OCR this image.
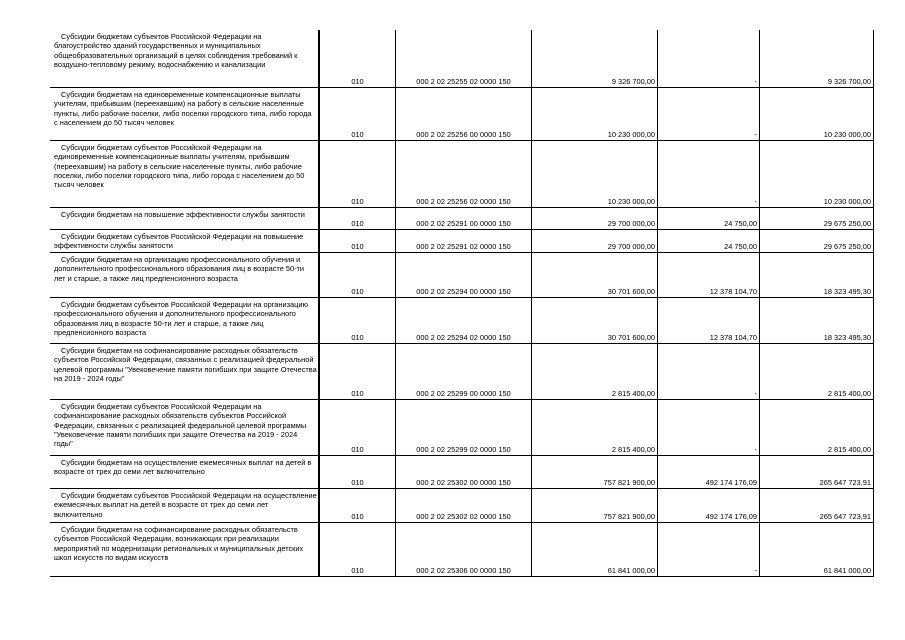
Субсидии бюджетам субъектов Российской Федерации на благоустройство зданий государственных и муниципальных общеобразовательных организаций в целях соблюдения требований к воздушно-тепловому режиму, водоснабжению и канализации
010	000 2 02 25255 02 0000 150	9 326 700,00	-	9 326 700,00
Субсидии бюджетам на единовременные компенсационные выплаты учителям, прибывшим (переехавшим) на работу в сельские населенные пункты, либо рабочие поселки, либо поселки городского типа, либо города с населением до 50 тысяч человек
010	000 2 02 25256 00 0000 150	10 230 000,00	-	10 230 000,00
Субсидии бюджетам субъектов Российской Федерации на единовременные компенсационные выплаты учителям, прибывшим (переехавшим) на работу в сельские населенные пункты, либо рабочие поселки, либо поселки городского типа, либо города с населением до 50 тысяч человек
010	000 2 02 25256 02 0000 150	10 230 000,00	-	10 230 000,00
Субсидии бюджетам на повышение эффективности службы занятости
010	000 2 02 25291 00 0000 150	29 700 000,00	24 750,00	29 675 250,00
Субсидии бюджетам субъектов Российской Федерации на повышение эффективности службы занятости	010	000 2 02 25291 02 0000 150	29 700 000,00	24 750,00	29 675 250,00
Субсидии бюджетам на организацию профессионального обучения и дополнительного профессионального образования лиц в возрасте 50-ти лет и старше, а также лиц предпенсионного возраста
010	000 2 02 25294 00 0000 150	30 701 600,00	12 378 104,70	18 323 495,30
Субсидии бюджетам субъектов Российской Федерации на организацию профессионального обучения и дополнительного профессионального образования лиц в возрасте 50-ти лет и старше, а также лиц предпенсионного возраста
010	000 2 02 25294 02 0000 150	30 701 600,00	12 378 104,70	18 323 495,30
Субсидии бюджетам на софинансирование расходных обязательств субъектов Российской Федерации, связанных с реализацией федеральной целевой программы "Увековечение памяти погибших при защите Отечества на 2019 - 2024 годы"
010	000 2 02 25299 00 0000 150	2 815 400,00	-	2 815 400,00
Субсидии бюджетам субъектов Российской Федерации на софинансирование расходных обязательств субъектов Российской Федерации, связанных с реализацией федеральной целевой программы "Увековечение памяти погибших при защите Отечества на 2019 - 2024 годы"
010	000 2 02 25299 02 0000 150	2 815 400,00	-	2 815 400,00
Субсидии бюджетам на осуществление ежемесячных выплат на детей в возрасте от трех до семи лет включительно
010	000 2 02 25302 00 0000 150	757 821 900,00	492 174 176,09	265 647 723,91
Субсидии бюджетам субъектов Российской Федерации на осуществление ежемесячных выплат на детей в возрасте от трех до семи лет включительно	010	000 2 02 25302 02 0000 150	757 821 900,00	492 174 176,09	265 647 723,91
Субсидии бюджетам на софинансирование расходных обязательств субъектов Российской Федерации, возникающих при реализации мероприятий по модернизации региональных и муниципальных детских школ искусств по видам искусств
010	000 2 02 25306 00 0000 150	61 841 000,00	-	61 841 000,00
